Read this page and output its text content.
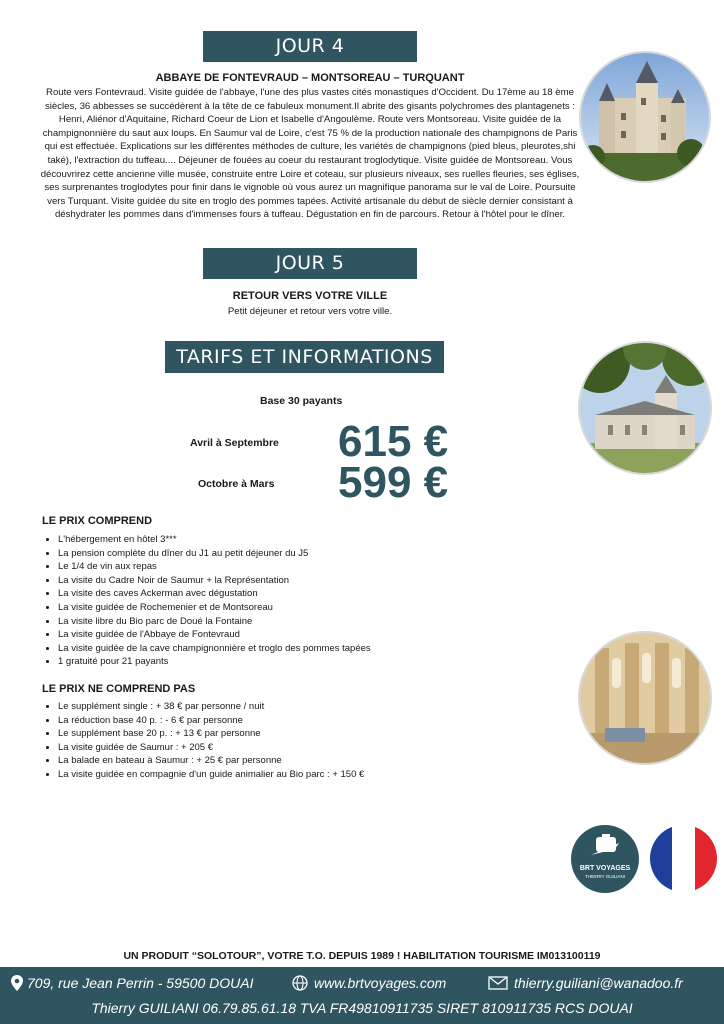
JOUR 4
ABBAYE DE FONTEVRAUD – MONTSOREAU – TURQUANT
Route vers Fontevraud. Visite guidée de l'abbaye, l'une des plus vastes cités monastiques d'Occident. Du 17ème au 18 ème siècles, 36 abbesses se succédèrent à la tête de ce fabuleux monument.Il abrite des gisants polychromes des plantagenets : Henri, Aliénor d'Aquitaine, Richard Coeur de Lion et Isabelle d'Angoulème. Route vers Montsoreau. Visite guidée de la champignonnière du saut aux loups. En Saumur val de Loire, c'est 75 % de la production nationale des champignons de Paris qui est effectuée. Explications sur les différentes méthodes de culture, les variétés de champignons (pied bleus, pleurotes,shi také), l'extraction du tuffeau.... Déjeuner de fouées au coeur du restaurant troglodytique. Visite guidée de Montsoreau. Vous découvrirez cette ancienne ville musée, construite entre Loire et coteau, sur plusieurs niveaux, ses ruelles fleuries, ses églises, ses surprenantes troglodytes pour finir dans le vignoble où vous aurez un magnifique panorama sur le val de Loire. Poursuite vers Turquant. Visite guidée du site en troglo des pommes tapées. Activité artisanale du début de siècle dernier consistant à déshydrater les pommes dans d'immenses fours à tuffeau. Dégustation en fin de parcours. Retour à l'hôtel pour le dîner.
JOUR 5
RETOUR VERS VOTRE VILLE
Petit déjeuner et retour vers votre ville.
TARIFS ET INFORMATIONS
Base 30 payants
Avril à Septembre 615 €
Octobre à Mars 599 €
LE PRIX COMPREND
• L'hébergement en hôtel 3***
• La pension complète du dîner du J1 au petit déjeuner du J5
• Le 1/4 de vin aux repas
• La visite du Cadre Noir de Saumur + la Représentation
• La visite des caves Ackerman avec dégustation
• La visite guidée de Rochemenier et de Montsoreau
• La visite libre du Bio parc de Doué la Fontaine
• La visite guidée de l'Abbaye de Fontevraud
• La visite guidée de la cave champignonnière et troglo des pommes tapées
• 1 gratuité pour 21 payants
LE PRIX NE COMPREND PAS
• Le supplément single : + 38 € par personne / nuit
• La réduction base 40 p. : - 6 € par personne
• Le supplément base 20 p. : + 13 € par personne
• La visite guidée de Saumur : + 205 €
• La balade en bateau à Saumur : + 25 € par personne
• La visite guidée en compagnie d'un guide animalier au Bio parc : + 150 €
BRT VOYAGES
THIERRY GUILIANI
UN PRODUIT “SOLOTOUR”, VOTRE T.O. DEPUIS 1989 ! HABILITATION TOURISME IM013100119
709, rue Jean Perrin - 59500 DOUAI	www.brtvoyages.com	thierry.guiliani@wanadoo.fr
Thierry GUILIANI 06.79.85.61.18 TVA FR49810911735 SIRET 810911735 RCS DOUAI
